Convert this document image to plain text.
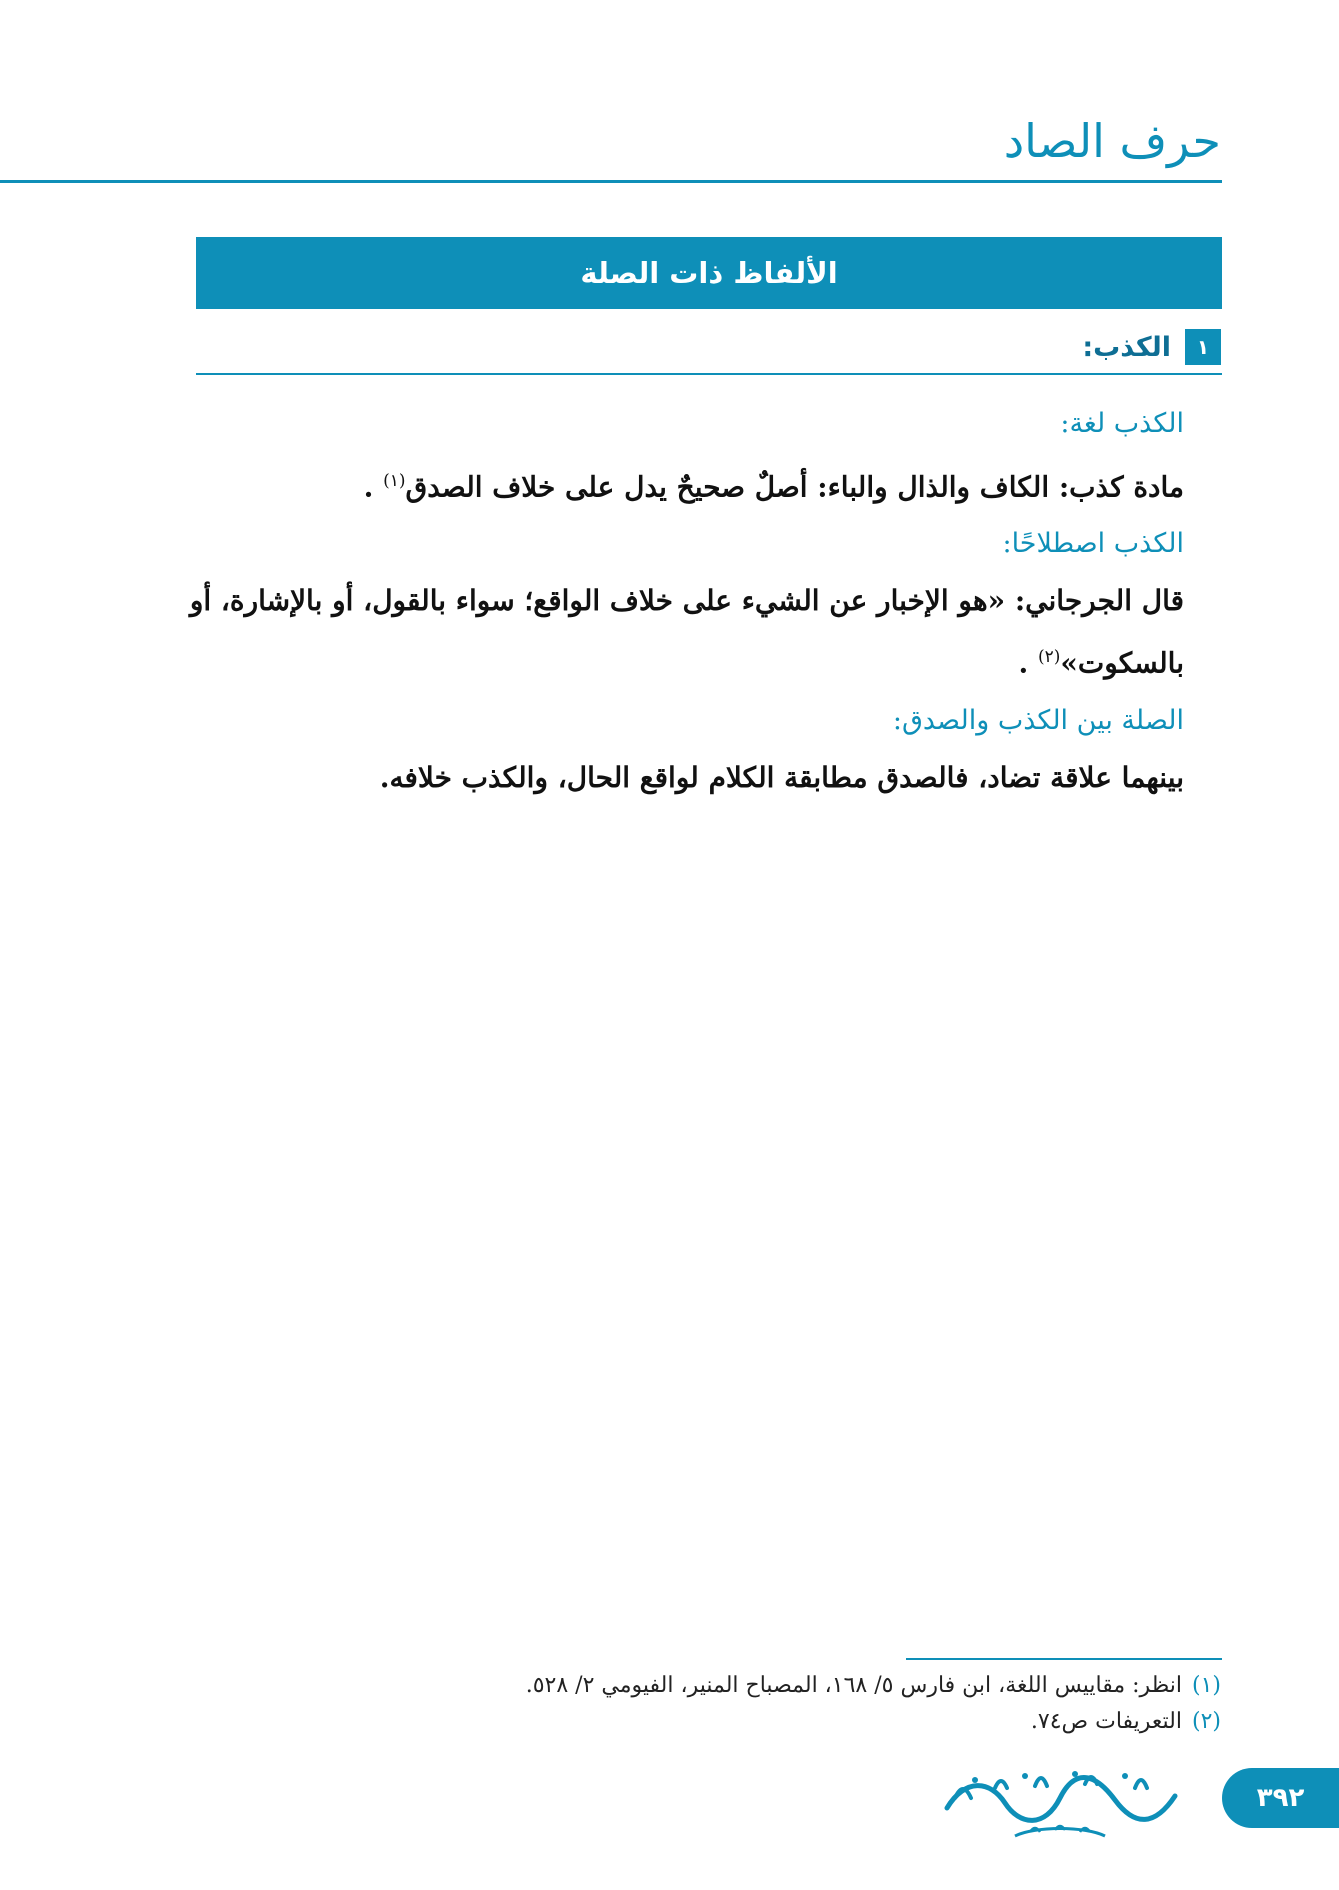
حرف الصاد
الألفاظ ذات الصلة
١
الكذب:
الكذب لغة:
مادة كذب: الكاف والذال والباء: أصلٌ صحيحٌ يدل على خلاف الصدق$^{(١)}$ .
الكذب اصطلاحًا:
قال الجرجاني: «هو الإخبار عن الشيء على خلاف الواقع؛ سواء بالقول، أو بالإشارة، أو بالسكوت»$^{(٢)}$ .
الصلة بين الكذب والصدق:
بينهما علاقة تضاد، فالصدق مطابقة الكلام لواقع الحال، والكذب خلافه.
(١)انظر: مقاييس اللغة، ابن فارس ٥/ ١٦٨، المصباح المنير، الفيومي ٢/ ٥٢٨.
(٢)التعريفات ص٧٤.
٣٩٢
